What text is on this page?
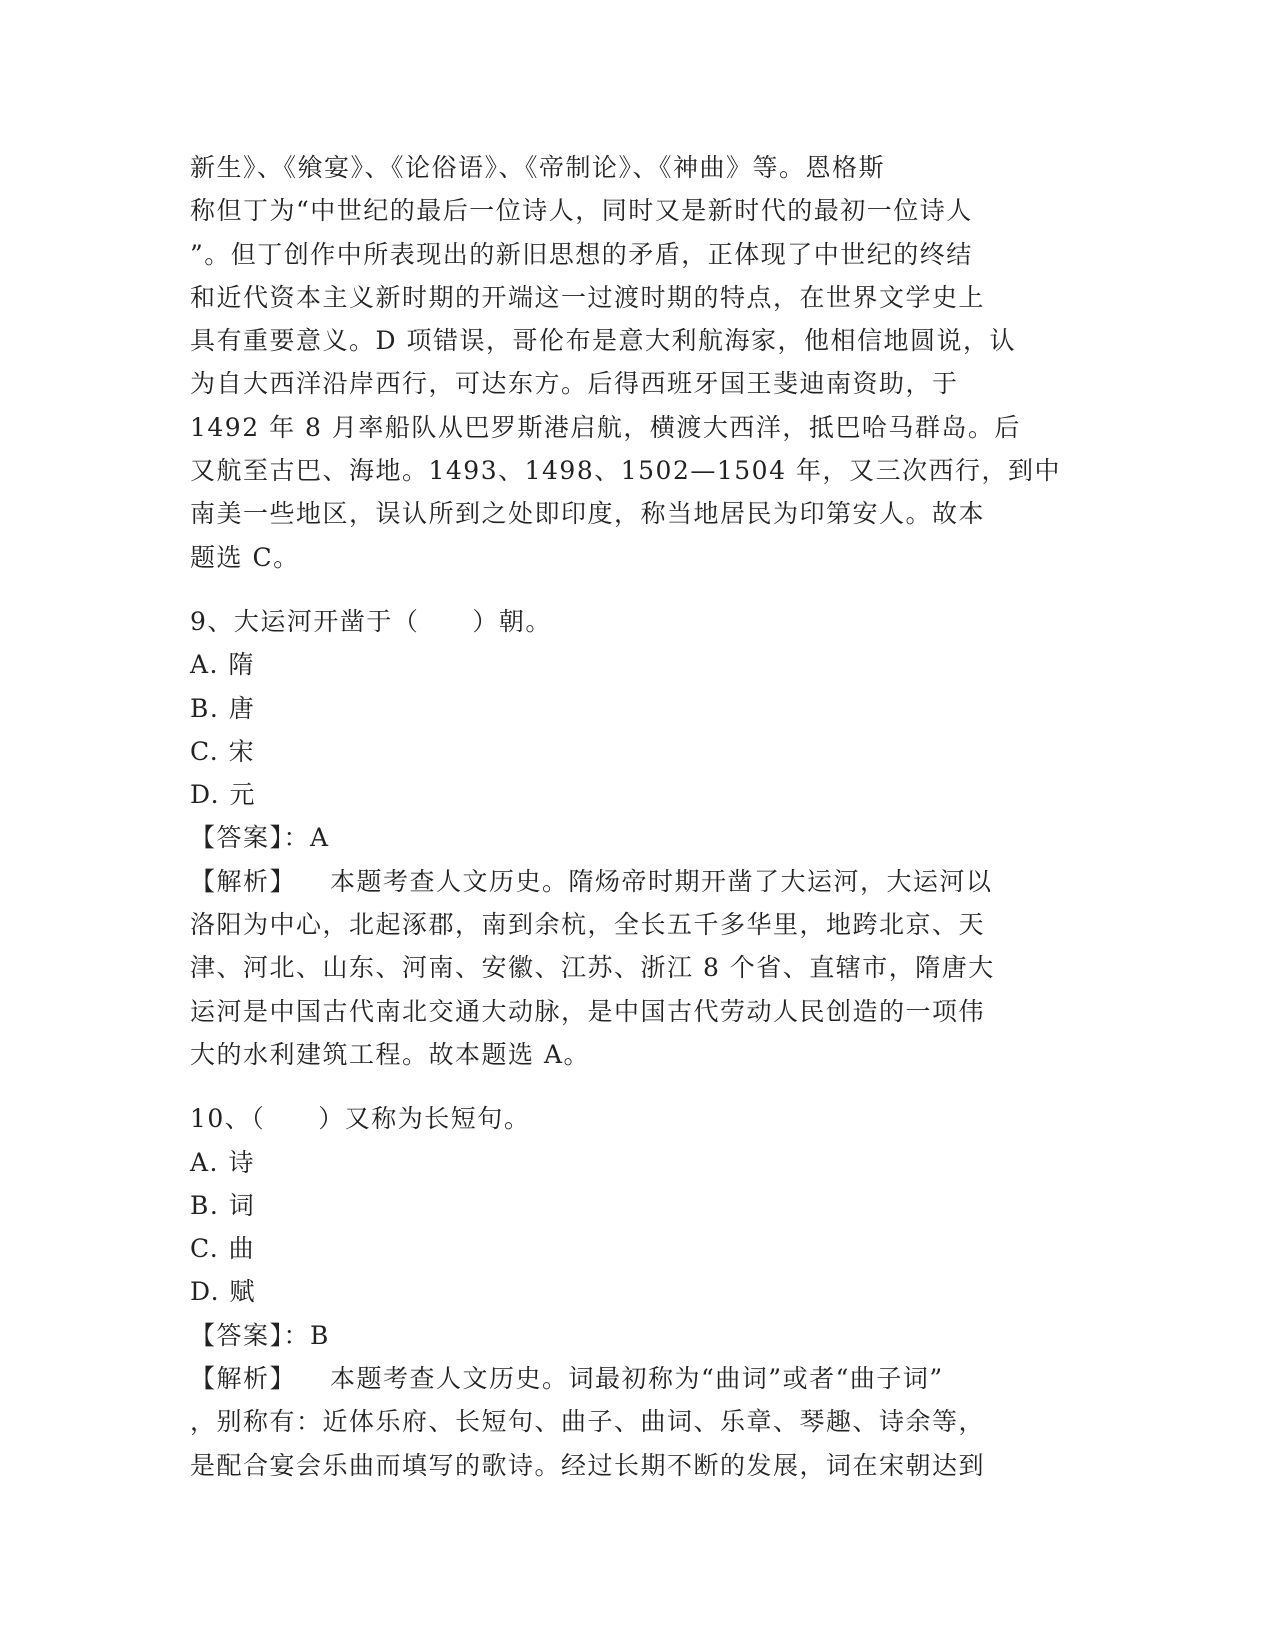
新生》、《飨宴》、《论俗语》、《帝制论》、《神曲》等。恩格斯
称但丁为“中世纪的最后一位诗人，同时又是新时代的最初一位诗人
”。但丁创作中所表现出的新旧思想的矛盾，正体现了中世纪的终结
和近代资本主义新时期的开端这一过渡时期的特点，在世界文学史上
具有重要意义。D 项错误，哥伦布是意大利航海家，他相信地圆说，认
为自大西洋沿岸西行，可达东方。后得西班牙国王斐迪南资助，于
1492 年 8 月率船队从巴罗斯港启航，横渡大西洋，抵巴哈马群岛。后
又航至古巴、海地。1493、1498、1502—1504 年，又三次西行，到中
南美一些地区，误认所到之处即印度，称当地居民为印第安人。故本
题选 C。
9、大运河开凿于（　　）朝。
A. 隋
B. 唐
C. 宋
D. 元
【答案】：A
【解析】 本题考查人文历史。隋炀帝时期开凿了大运河，大运河以
洛阳为中心，北起涿郡，南到余杭，全长五千多华里，地跨北京、天
津、河北、山东、河南、安徽、江苏、浙江 8 个省、直辖市，隋唐大
运河是中国古代南北交通大动脉，是中国古代劳动人民创造的一项伟
大的水利建筑工程。故本题选 A。
10、（　　）又称为长短句。
A. 诗
B. 词
C. 曲
D. 赋
【答案】：B
【解析】 本题考查人文历史。词最初称为“曲词”或者“曲子词”
，别称有：近体乐府、长短句、曲子、曲词、乐章、琴趣、诗余等，
是配合宴会乐曲而填写的歌诗。经过长期不断的发展，词在宋朝达到
